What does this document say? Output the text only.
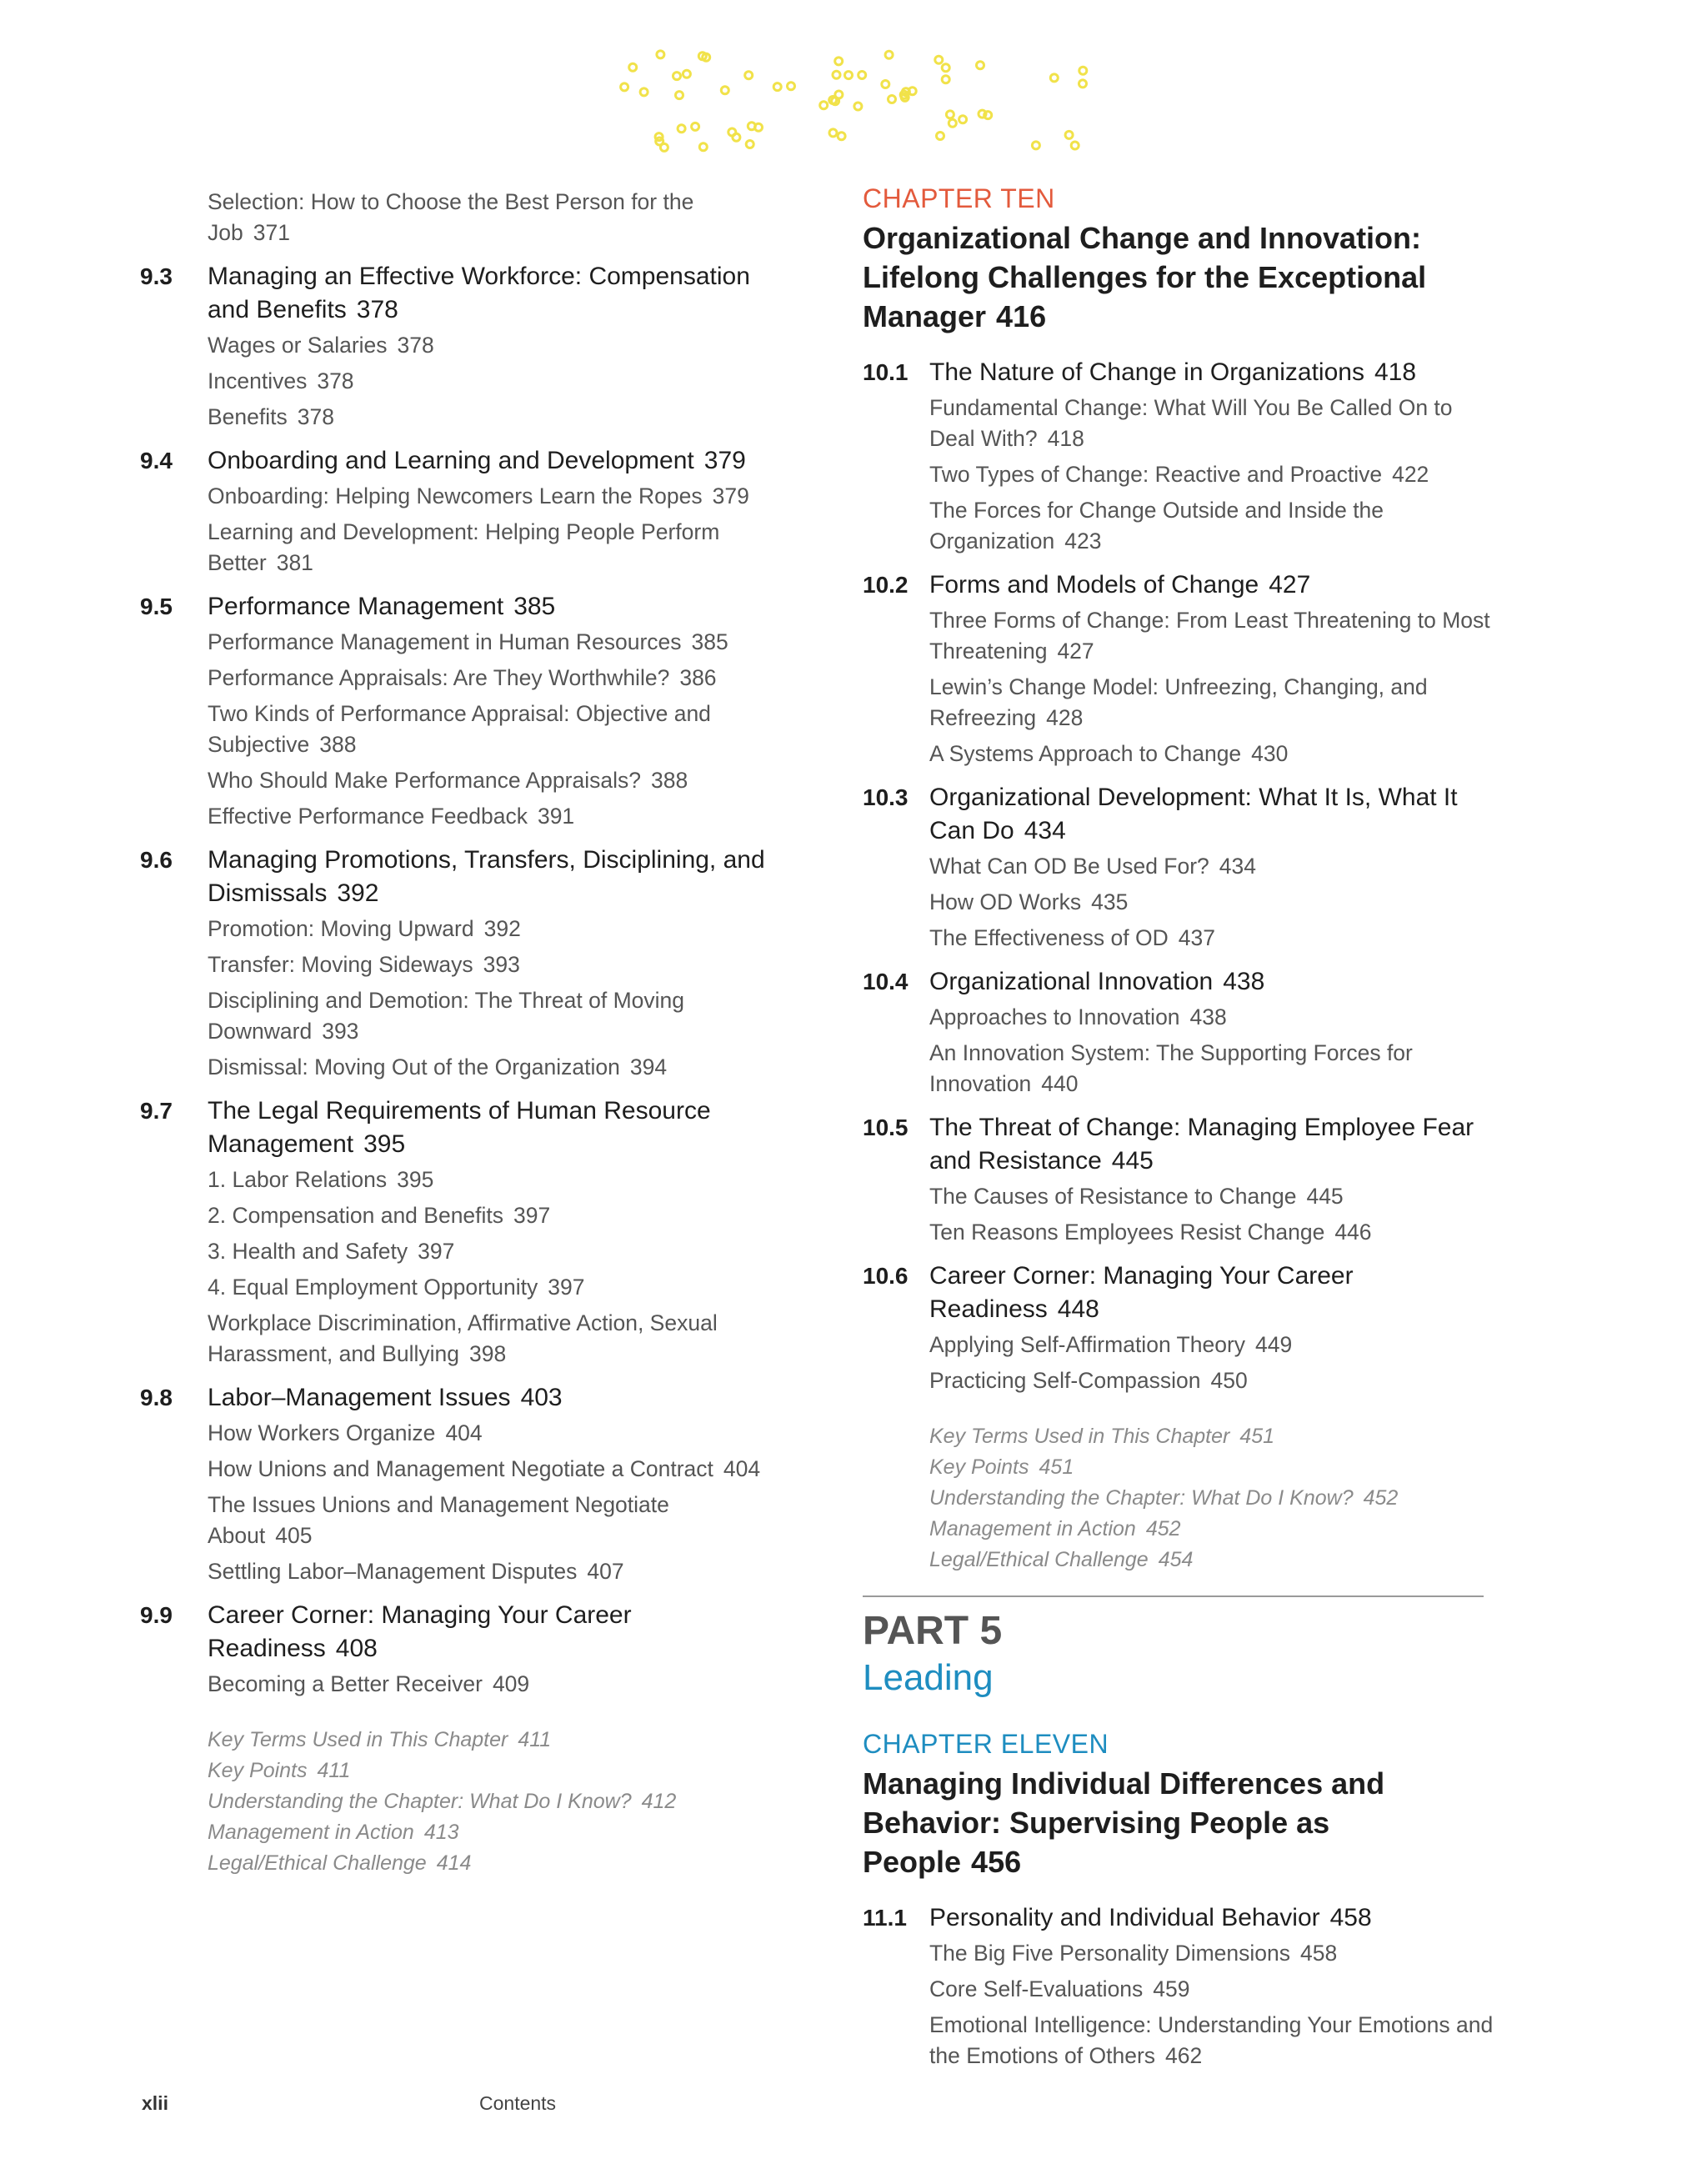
Selection: How to Choose the Best Person for the Job 371
9.3 Managing an Effective Workforce: Compensation and Benefits 378
Wages or Salaries 378
Incentives 378
Benefits 378
9.4 Onboarding and Learning and Development 379
Onboarding: Helping Newcomers Learn the Ropes 379
Learning and Development: Helping People Perform Better 381
9.5 Performance Management 385
Performance Management in Human Resources 385
Performance Appraisals: Are They Worthwhile? 386
Two Kinds of Performance Appraisal: Objective and Subjective 388
Who Should Make Performance Appraisals? 388
Effective Performance Feedback 391
9.6 Managing Promotions, Transfers, Disciplining, and Dismissals 392
Promotion: Moving Upward 392
Transfer: Moving Sideways 393
Disciplining and Demotion: The Threat of Moving Downward 393
Dismissal: Moving Out of the Organization 394
9.7 The Legal Requirements of Human Resource Management 395
1. Labor Relations 395
2. Compensation and Benefits 397
3. Health and Safety 397
4. Equal Employment Opportunity 397
Workplace Discrimination, Affirmative Action, Sexual Harassment, and Bullying 398
9.8 Labor–Management Issues 403
How Workers Organize 404
How Unions and Management Negotiate a Contract 404
The Issues Unions and Management Negotiate About 405
Settling Labor–Management Disputes 407
9.9 Career Corner: Managing Your Career Readiness 408
Becoming a Better Receiver 409
Key Terms Used in This Chapter 411
Key Points 411
Understanding the Chapter: What Do I Know? 412
Management in Action 413
Legal/Ethical Challenge 414
CHAPTER TEN
Organizational Change and Innovation: Lifelong Challenges for the Exceptional Manager 416
10.1 The Nature of Change in Organizations 418
Fundamental Change: What Will You Be Called On to Deal With? 418
Two Types of Change: Reactive and Proactive 422
The Forces for Change Outside and Inside the Organization 423
10.2 Forms and Models of Change 427
Three Forms of Change: From Least Threatening to Most Threatening 427
Lewin’s Change Model: Unfreezing, Changing, and Refreezing 428
A Systems Approach to Change 430
10.3 Organizational Development: What It Is, What It Can Do 434
What Can OD Be Used For? 434
How OD Works 435
The Effectiveness of OD 437
10.4 Organizational Innovation 438
Approaches to Innovation 438
An Innovation System: The Supporting Forces for Innovation 440
10.5 The Threat of Change: Managing Employee Fear and Resistance 445
The Causes of Resistance to Change 445
Ten Reasons Employees Resist Change 446
10.6 Career Corner: Managing Your Career Readiness 448
Applying Self-Affirmation Theory 449
Practicing Self-Compassion 450
Key Terms Used in This Chapter 451
Key Points 451
Understanding the Chapter: What Do I Know? 452
Management in Action 452
Legal/Ethical Challenge 454
PART 5
Leading
CHAPTER ELEVEN
Managing Individual Differences and Behavior: Supervising People as People 456
11.1 Personality and Individual Behavior 458
The Big Five Personality Dimensions 458
Core Self-Evaluations 459
Emotional Intelligence: Understanding Your Emotions and the Emotions of Others 462
xlii	Contents
